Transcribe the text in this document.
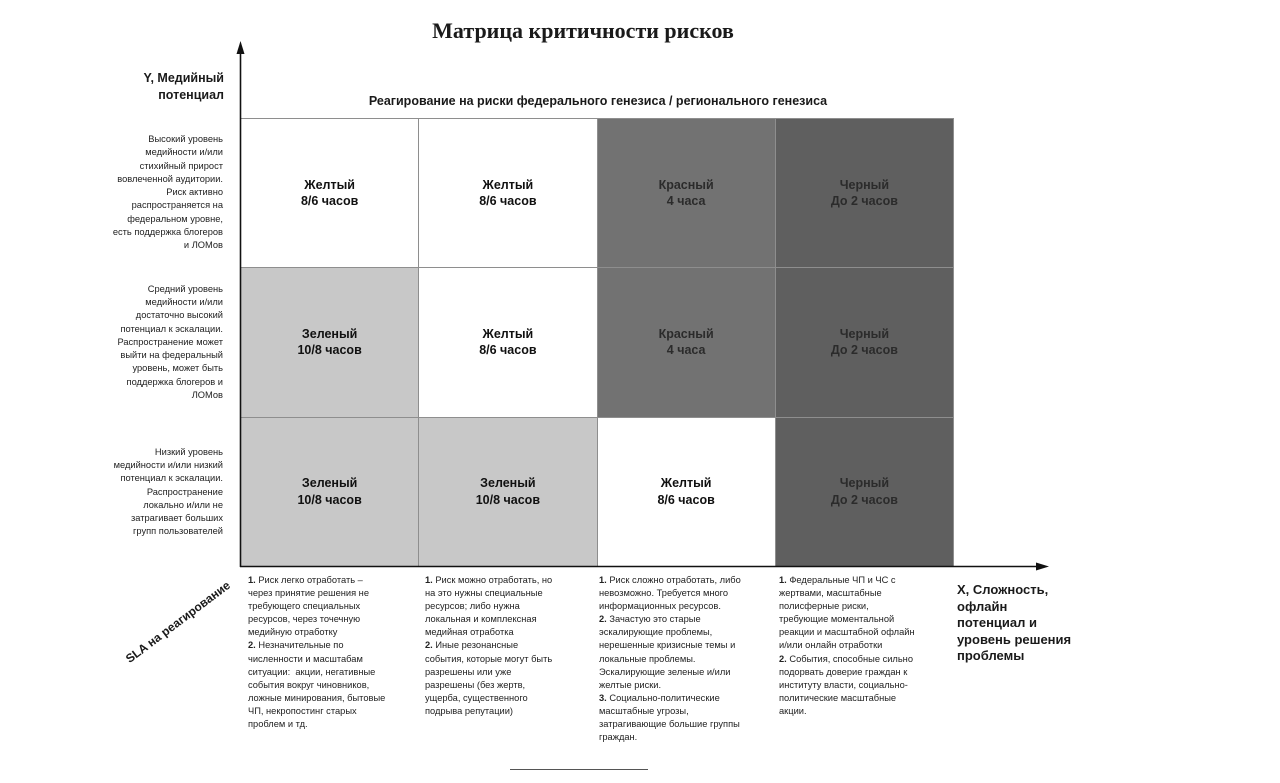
Матрица критичности рисков
Y, Медийный
потенциал	Реагирование на риски федерального генезиса / регионального генезиса
Высокий уровень
медийности и/или
стихийный прирост
вовлеченной аудитории.
Риск активно
распространяется на
федеральном уровне,
есть поддержка блогеров
и ЛОМов
Средний уровень
медийности и/или
достаточно высокий
потенциал к эскалации.
Распространение может
выйти на федеральный
уровень, может быть
поддержка блогеров и
ЛОМов
Низкий уровень
медийности и/или низкий
потенциал к эскалации.
Распространение
локально и/или не
затрагивает больших
групп пользователей
Желтый
8/6 часов
Желтый
8/6 часов
Красный
4 часа
Черный
До 2 часов
Зеленый
10/8 часов
Желтый
8/6 часов
Красный
4 часа
Черный
До 2 часов
Зеленый
10/8 часов
Зеленый
10/8 часов
Желтый
8/6 часов
Черный
До 2 часов
X, Сложность,
офлайн
потенциал и
уровень решения
проблемы
SLA на реагирование	1. Риск легко отработать –
через принятие решения не
требующего специальных
ресурсов, через точечную
медийную отработку
2. Незначительные по
численности и масштабам
ситуации:  акции, негативные
события вокруг чиновников,
ложные минирования, бытовые
ЧП, некропостинг старых
проблем и тд.
1. Риск можно отработать, но
на это нужны специальные
ресурсов; либо нужна
локальная и комплексная
медийная отработка
2. Иные резонансные
события, которые могут быть
разрешены или уже
разрешены (без жертв,
ущерба, существенного
подрыва репутации)
1. Риск сложно отработать, либо
невозможно. Требуется много
информационных ресурсов.
2. Зачастую это старые
эскалирующие проблемы,
нерешенные кризисные темы и
локальные проблемы.
Эскалирующие зеленые и/или
желтые риски.
3. Социально-политические
масштабные угрозы,
затрагивающие большие группы
граждан.
1. Федеральные ЧП и ЧС с
жертвами, масштабные
полисферные риски,
требующие моментальной
реакции и масштабной офлайн
и/или онлайн отработки
2. События, способные сильно
подорвать доверие граждан к
институту власти, социально-
политические масштабные
акции.
